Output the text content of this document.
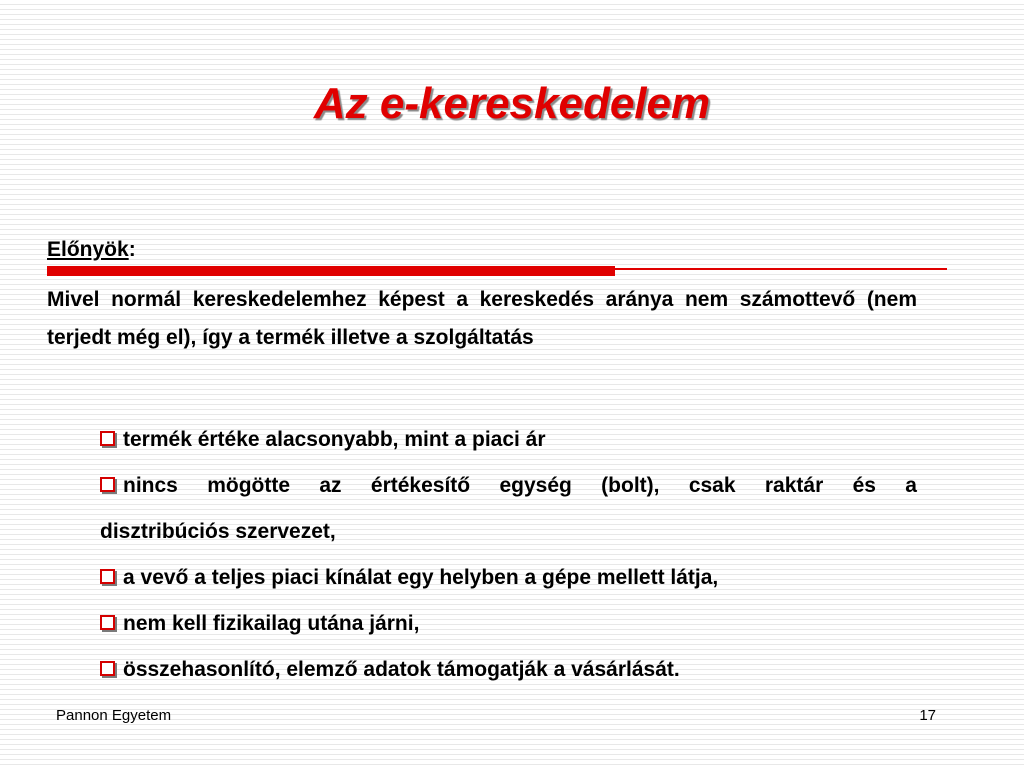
Az e-kereskedelem
Előnyök:

Mivel normál kereskedelemhez képest a kereskedés aránya nem számottevő (nem terjedt még el), így a termék illetve a szolgáltatás

termék értéke alacsonyabb, mint a piaci ár
nincs mögötte az értékesítő egység (bolt), csak raktár és a
disztribúciós szervezet,
a vevő a teljes piaci kínálat egy helyben a gépe mellett látja,
nem kell fizikailag utána járni,
összehasonlító, elemző adatok támogatják a vásárlását.
Pannon Egyetem	17
